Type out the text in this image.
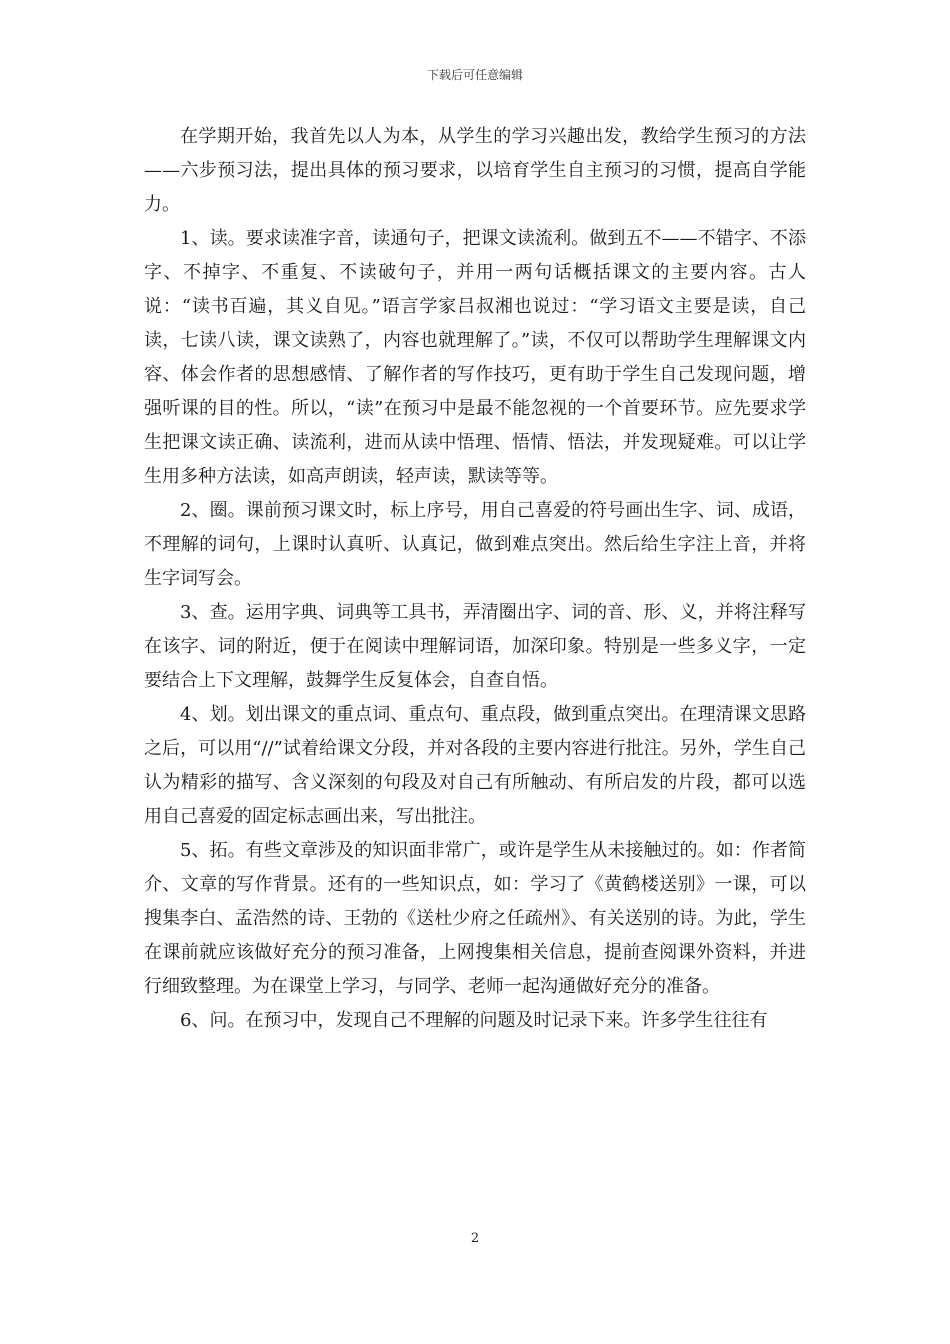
下载后可任意编辑

在学期开始，我首先以人为本，从学生的学习兴趣出发，教给学生预习的方法——六步预习法，提出具体的预习要求，以培育学生自主预习的习惯，提高自学能力。

1、读。要求读准字音，读通句子，把课文读流利。做到五不——不错字、不添字、不掉字、不重复、不读破句子，并用一两句话概括课文的主要内容。古人说：“读书百遍，其义自见。”语言学家吕叔湘也说过：“学习语文主要是读，自己读，七读八读，课文读熟了，内容也就理解了。”读，不仅可以帮助学生理解课文内容、体会作者的思想感情、了解作者的写作技巧，更有助于学生自己发现问题，增强听课的目的性。所以，“读”在预习中是最不能忽视的一个首要环节。应先要求学生把课文读正确、读流利，进而从读中悟理、悟情、悟法，并发现疑难。可以让学生用多种方法读，如高声朗读，轻声读，默读等等。

2、圈。课前预习课文时，标上序号，用自己喜爱的符号画出生字、词、成语，不理解的词句，上课时认真听、认真记，做到难点突出。然后给生字注上音，并将生字词写会。

3、查。运用字典、词典等工具书，弄清圈出字、词的音、形、义，并将注释写在该字、词的附近，便于在阅读中理解词语，加深印象。特别是一些多义字，一定要结合上下文理解，鼓舞学生反复体会，自查自悟。

4、划。划出课文的重点词、重点句、重点段，做到重点突出。在理清课文思路之后，可以用“//”试着给课文分段，并对各段的主要内容进行批注。另外，学生自己认为精彩的描写、含义深刻的句段及对自己有所触动、有所启发的片段，都可以选用自己喜爱的固定标志画出来，写出批注。

5、拓。有些文章涉及的知识面非常广，或许是学生从未接触过的。如：作者简介、文章的写作背景。还有的一些知识点，如：学习了《黄鹤楼送别》一课，可以搜集李白、孟浩然的诗、王勃的《送杜少府之任疏州》、有关送别的诗。为此，学生在课前就应该做好充分的预习准备，上网搜集相关信息，提前查阅课外资料，并进行细致整理。为在课堂上学习，与同学、老师一起沟通做好充分的准备。

6、问。在预习中，发现自己不理解的问题及时记录下来。许多学生往往有

2
